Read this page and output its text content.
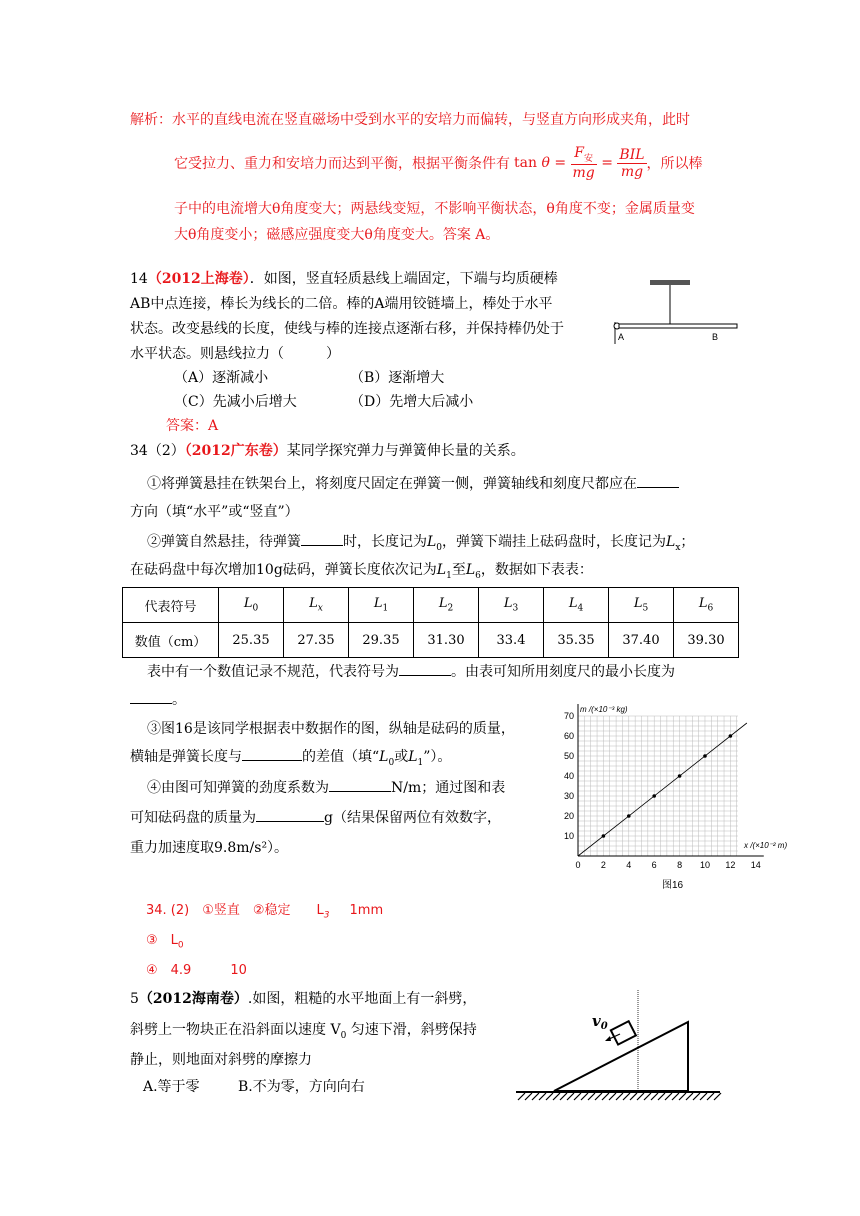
解析：水平的直线电流在竖直磁场中受到水平的安培力而偏转，与竖直方向形成夹角，此时
它受拉力、重力和安培力而达到平衡，根据平衡条件有 $\tan \theta = \frac{F_安}{mg} = \frac{\text{BIL}}{mg}$ ，所以棒
子中的电流增大θ角度变大；两悬线变短，不影响平衡状态，θ角度不变；金属质量变
大θ角度变小；磁感应强度变大θ角度变大。答案 A。
14（2012上海卷）．如图，竖直轻质悬线上端固定，下端与均质硬棒
AB中点连接，棒长为线长的二倍。棒的A端用铰链墙上，棒处于水平
状态。改变悬线的长度，使线与棒的连接点逐渐右移，并保持棒仍处于
水平状态。则悬线拉力（　　　）
（A）逐渐减小	（B）逐渐增大
（C）先减小后增大	（D）先增大后减小
答案：A
A	B
34（2）（2012广东卷）某同学探究弹力与弹簧伸长量的关系。
①将弹簧悬挂在铁架台上，将刻度尺固定在弹簧一侧，弹簧轴线和刻度尺都应在
方向（填“水平”或“竖直”）
②弹簧自然悬挂，待弹簧	时，长度记为$L_0$，弹簧下端挂上砝码盘时，长度记为$L_x$；
在砝码盘中每次增加10g砝码，弹簧长度依次记为$L_1$至$L_6$，数据如下表表：
代表符号	$L_0$	$L_x$	$L_1$	$L_2$	$L_3$	$L_4$	$L_5$	$L_6$
数值（cm）	25.35	27.35	29.35	31.30	33.4	35.35	37.40	39.30
表中有一个数值记录不规范，代表符号为	。由表可知所用刻度尺的最小长度为
。
③图16是该同学根据表中数据作的图，纵轴是砝码的质量，
横轴是弹簧长度与	的差值（填“$L_0$或$L_1$”）。
④由图可知弹簧的劲度系数为	N/m；通过图和表
可知砝码盘的质量为	g（结果保留两位有效数字，
重力加速度取9.8m/s²）。
0 2 4 6 8 10 12 14
10
20
30
40
50
60
70
m /(×10⁻³ kg)
x /(×10⁻² m)
图16
34. (2)　①竖直　②稳定　　$L_3$ 1mm
③　$L_0$
④　4.9　　　10
5（2012海南卷）.如图，粗糙的水平地面上有一斜劈，
斜劈上一物块正在沿斜面以速度 $V_0$ 匀速下滑，斜劈保持
静止，则地面对斜劈的摩擦力
A.等于零	B.不为零，方向向右
$v_0$
